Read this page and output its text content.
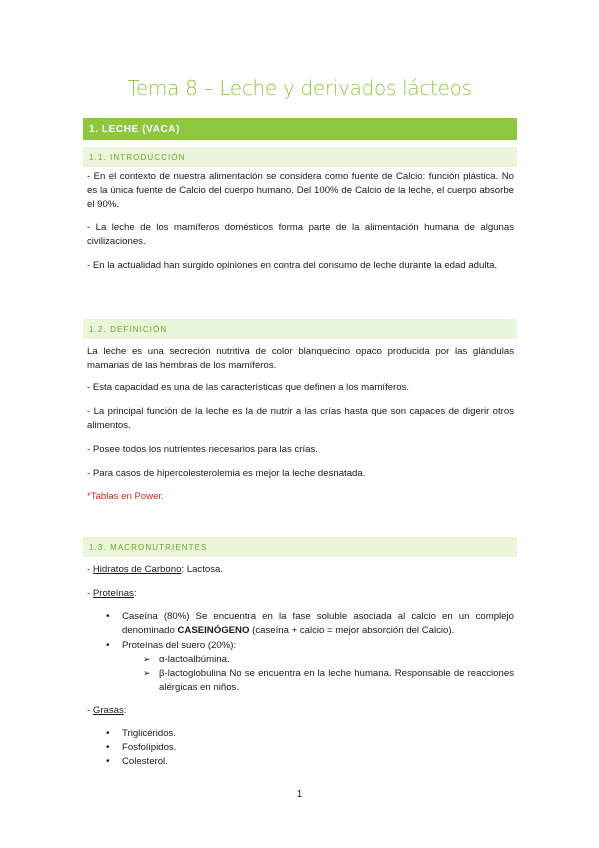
Tema 8 – Leche y derivados lácteos
1. LECHE (VACA)
1.1. INTRODUCCIÓN

- En el contexto de nuestra alimentación se considera como fuente de Calcio: función plástica. No es la única fuente de Calcio del cuerpo humano. Del 100% de Calcio de la leche, el cuerpo absorbe el 90%.

- La leche de los mamíferos domésticos forma parte de la alimentación humana de algunas civilizaciones.

- En la actualidad han surgido opiniones en contra del consumo de leche durante la edad adulta.

1.2. DEFINICIÓN

La leche es una secreción nutritiva de color blanquecino opaco producida por las glándulas mamarias de las hembras de los mamíferos.

- Esta capacidad es una de las características que definen a los mamíferos.

- La principal función de la leche es la de nutrir a las crías hasta que son capaces de digerir otros alimentos.

- Posee todos los nutrientes necesarios para las crías.

- Para casos de hipercolesterolemia es mejor la leche desnatada.

*Tablas en Power.

1.3. MACRONUTRIENTES

- Hidratos de Carbono: Lactosa.

- Proteínas:

• Caseína (80%) Se encuentra en la fase soluble asociada al calcio en un complejo denominado CASEINÓGENO (caseína + calcio = mejor absorción del Calcio).

• Proteínas del suero (20%):

➢ α-lactoalbúmina.

➢ β-lactoglobulina No se encuentra en la leche humana. Responsable de reacciones alérgicas en niños.

- Grasas:

• Triglicéridos.

• Fosfolípidos.

• Colesterol.

1
